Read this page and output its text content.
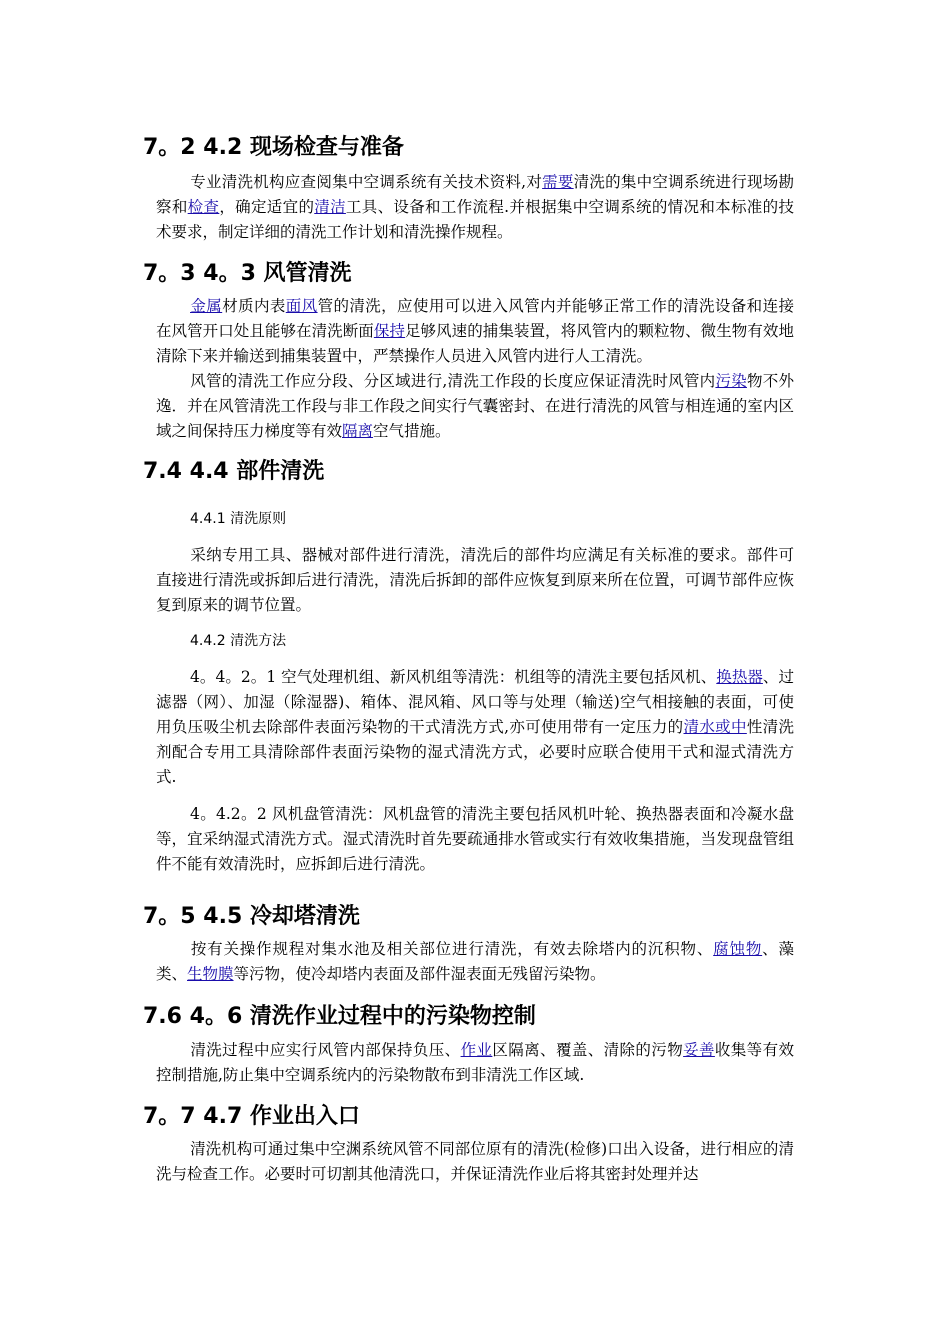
7。2 4.2 现场检查与准备

专业清洗机构应查阅集中空调系统有关技术资料,对需要清洗的集中空调系统进行现场勘察和检查，确定适宜的清洁工具、设备和工作流程.并根据集中空调系统的情况和本标准的技术要求，制定详细的清洗工作计划和清洗操作规程。

7。3 4。3 风管清洗

金属材质内表面风管的清洗，应使用可以进入风管内并能够正常工作的清洗设备和连接在风管开口处且能够在清洗断面保持足够风速的捕集装置，将风管内的颗粒物、微生物有效地清除下来并输送到捕集装置中，严禁操作人员进入风管内进行人工清洗。

风管的清洗工作应分段、分区域进行,清洗工作段的长度应保证清洗时风管内污染物不外逸．并在风管清洗工作段与非工作段之间实行气囊密封、在进行清洗的风管与相连通的室内区域之间保持压力梯度等有效隔离空气措施。

7.4 4.4 部件清洗
4.4.1 清洗原则

采纳专用工具、器械对部件进行清洗，清洗后的部件均应满足有关标准的要求。部件可直接进行清洗或拆卸后进行清洗，清洗后拆卸的部件应恢复到原来所在位置，可调节部件应恢复到原来的调节位置。

4.4.2 清洗方法

4。4。2。1 空气处理机组、新风机组等清洗：机组等的清洗主要包括风机、换热器、过滤器（网）、加湿（除湿器)、箱体、混风箱、风口等与处理（输送)空气相接触的表面，可使用负压吸尘机去除部件表面污染物的干式清洗方式,亦可使用带有一定压力的清水或中性清洗剂配合专用工具清除部件表面污染物的湿式清洗方式，必要时应联合使用干式和湿式清洗方式.

4。4.2。2 风机盘管清洗：风机盘管的清洗主要包括风机叶轮、换热器表面和冷凝水盘等，宜采纳湿式清洗方式。湿式清洗时首先要疏通排水管或实行有效收集措施，当发现盘管组件不能有效清洗时，应拆卸后进行清洗。

7。5 4.5 冷却塔清洗

按有关操作规程对集水池及相关部位进行清洗，有效去除塔内的沉积物、腐蚀物、藻类、生物膜等污物，使冷却塔内表面及部件湿表面无残留污染物。

7.6 4。6 清洗作业过程中的污染物控制

清洗过程中应实行风管内部保持负压、作业区隔离、覆盖、清除的污物妥善收集等有效控制措施,防止集中空调系统内的污染物散布到非清洗工作区域.

7。7 4.7 作业出入口

清洗机构可通过集中空渊系统风管不同部位原有的清洗(检修)口出入设备，进行相应的清洗与检查工作。必要时可切割其他清洗口，并保证清洗作业后将其密封处理并达
